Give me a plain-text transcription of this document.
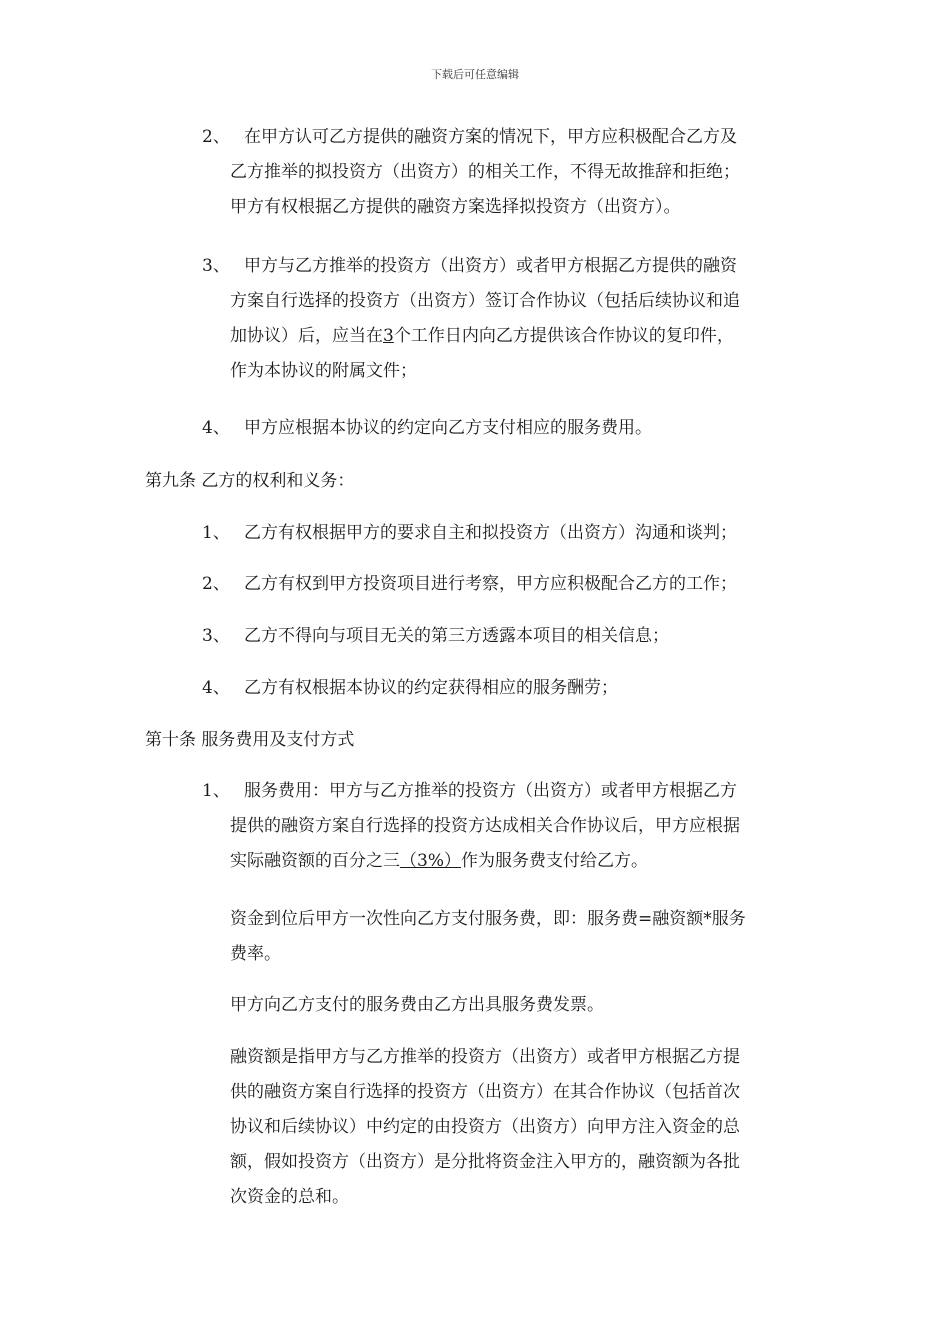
下载后可任意编辑
2、 在甲方认可乙方提供的融资方案的情况下，甲方应积极配合乙方及
乙方推举的拟投资方（出资方）的相关工作，不得无故推辞和拒绝；
甲方有权根据乙方提供的融资方案选择拟投资方（出资方）。
3、 甲方与乙方推举的投资方（出资方）或者甲方根据乙方提供的融资
方案自行选择的投资方（出资方）签订合作协议（包括后续协议和追
加协议）后，应当在3个工作日内向乙方提供该合作协议的复印件，
作为本协议的附属文件；
4、 甲方应根据本协议的约定向乙方支付相应的服务费用。
第九条 乙方的权利和义务：
1、 乙方有权根据甲方的要求自主和拟投资方（出资方）沟通和谈判；
2、 乙方有权到甲方投资项目进行考察，甲方应积极配合乙方的工作；
3、 乙方不得向与项目无关的第三方透露本项目的相关信息；
4、 乙方有权根据本协议的约定获得相应的服务酬劳；
第十条 服务费用及支付方式
1、 服务费用：甲方与乙方推举的投资方（出资方）或者甲方根据乙方
提供的融资方案自行选择的投资方达成相关合作协议后，甲方应根据
实际融资额的百分之三（3%）作为服务费支付给乙方。
资金到位后甲方一次性向乙方支付服务费，即：服务费=融资额*服务
费率。
甲方向乙方支付的服务费由乙方出具服务费发票。
融资额是指甲方与乙方推举的投资方（出资方）或者甲方根据乙方提
供的融资方案自行选择的投资方（出资方）在其合作协议（包括首次
协议和后续协议）中约定的由投资方（出资方）向甲方注入资金的总
额，假如投资方（出资方）是分批将资金注入甲方的，融资额为各批
次资金的总和。
